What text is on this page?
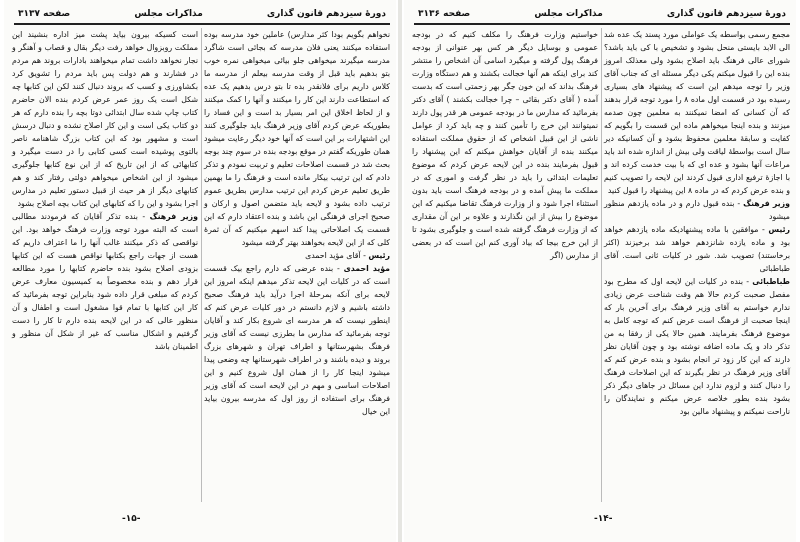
دورهٔ سیزدهم قانون گذاری
مذاکرات مجلس
صفحه ۳۱۳۷

نخواهم بگویم بودا کثر مدارس) عاملین خود مدرسه بوده استفاده میکنند یعنی فلان مدرسه که بجائی است شاگرد مدرسه میگیرند میخواهی جلو بیائی میخواهی نمره خوب بتو بدهیم باید قبل از وقت مدرسه بیعلم از مدرسه ما کلاس داریم برای فلانقدر بده تا بتو درس بدهیم یک عده که استطاعت دارند این کار را میکنند و آنها را کمک میکنند و از لحاظ اخلاق این امر بسیار بد است و این فساد را بطوریکه عرض کردم آقای وزیر فرهنگ باید جلوگیری کنند این اشتهارات بر این است که آنها خود دیگر رعایت میشود همان طوریکه گفتم در موقع بودجه بنده در سوم چند بوجه بحث شد در قسمت اصلاحات تعلیم و تربیت نمودم و تذکر دادم که این ترتیب بیکار مانده است و فرهنگ را ما بهمین طریق تعلیم عرض کردم این ترتیب مدارس بطریق عموم ترتیب داده بشود و لایحه باید متضمن اصول و ارکان و صحیح اجرای فرهنگی این باشد و بنده اعتقاد دارم که این قسمت یک اصلاحاتی پیدا کند اسهم میکنیم که آن ثمرهٔ کلی که از این لایحه بخواهند بهتر گرفته میشود

رئیس - آقای مؤید احمدی

مؤید احمدی - بنده عرضی که دارم راجع بیک قسمت است که در کلیات این لایحه تذکر میدهم اینکه امروز این لایحه برای آنکه بمرحلهٔ اجرا درآید باید فرهنگ صحیح داشته باشیم و لازم دانستم در دور کلیات عرض کنم که اینطور نیست که هر مدرسه ای شروع بکار کند و آقایان توجه بفرمائید که مدارس ما بطرزی نیست که آقای وزیر فرهنگ بشهرستانها و اطراف تهران و شهرهای بزرگ بروند و دیده باشند و در اطراف شهرستانها چه وضعی پیدا میشود اینجا کار را از همان اول شروع کنیم و این اصلاحات اساسی و مهم در این لایحه است که آقای وزیر فرهنگ برای استفاده از روز اول که مدرسه بیرون بیاید این خیال

است کسیکه بیرون بیاید پشت میز اداره بنشیند این مملکت روبزوال خواهد رفت دیگر بقال و قصاب و آهنگر و نجار نخواهد داشت تمام میخواهند بادارات بروند هم مردم در فشارند و هم دولت پس باید مردم را تشویق کرد بکشاورزی و کسب که بروند دنبال کنند لکن این کتابها چه شکل است یک روز عمر عرض کردم بنده الان حاضرم کتاب چاپ شده سال ابتدائی دوتا بچه را بنده دارم که هر دو کتاب یکی است و این کار اصلاح نشده و دنبال درسش است و مشهور بود که این کتاب بزرگ شاهنامه ناصر بالتوی پوشیده است کسی کتابی را در دست میگیرد و کتابهائی که از این تاریخ که از این نوع کتابها جلوگیری میشود از این اشخاص میخواهم دولتی رفتار کند و هم کتابهای دیگر از هر حیث از قبیل دستور تعلیم در مدارس اجرا بشود و این را که کتابهای این کتاب بچه اصلاح بشود

وزیر فرهنگ - بنده تذکر آقایان که فرمودند مطالبی است که البته مورد توجه وزارت فرهنگ خواهد بود. این نواقصی که ذکر میکنند غالب آنها را ما اعتراف داریم که هست از جهات راجع بکتابها نواقص هست که این کتابها بزودی اصلاح بشود بنده حاضرم کتابها را مورد مطالعه قرار دهم و بنده مخصوصاً به کمیسیون معارف عرض کردم که مبلغی قرار داده شود بنابراین توجه بفرمائید که کار این کتابها با تمام قوا مشغول است و اطفال و آن منظور عالی که در این لایحه بنده دارم تا کار را دست گرفتیم و اشکال مناسب که غیر از شکل آن منظور و اطمینان باشد

-۱۵-
دورهٔ سیزدهم قانون گذاری
مذاکرات مجلس
صفحه ۳۱۳۶

مجمع رسمی بواسطه یک عواملی مورد پسند یک عده شد الی الابد بایستی منحل بشود و تشخیص با کی باید باشد؟ شورای عالی فرهنگ باید اصلاح بشود ولی معذلک امروز بنده این را قبول میکنم یکی دیگر مسئله ای که جناب آقای وزیر را توجه میدهم این است که پیشنهاد های بسیاری رسیده بود در قسمت اول ماده ۸ را مورد توجه قرار بدهند که آن کسانی که امضا نمیکنند به معلمین چون صدمه میزنند و بنده اینجا میخواهم ماده این قسمت را بگویم که کفایت و سابقهٔ معلمین محفوظ بشود و آن کسانیکه دیر سال است بواسطهٔ لیاقت ولی بیش از اندازه شده اند باید مراعات آنها بشود و عده ای که با بیت خدمت کرده اند و با اجازهٔ ترفیع اداری قبول کردند این لایحه را تصویب کنیم و بنده عرض کردم که در ماده ۸ این پیشنهاد را قبول کنید

وزیر فرهنگ - بنده قبول دارم و در ماده یازدهم منظور میشود

رئیس - موافقین با ماده پیشنهادیکه ماده یازدهم خواهد بود و ماده یازده شانزدهم خواهد شد برخیزند (اکثر برخاستند) تصویب شد. شور در کلیات ثانی است. آقای طباطبائی

طباطبائی - بنده در کلیات این لایحه اول که مطرح بود مفصل صحبت کردم حالا هم وقت شناخت عرض زیادی ندارم خواستم به آقای وزیر فرهنگ برای آخرین بار که اینجا صحبت از فرهنگ است عرض کنم که توجه کامل به موضوع فرهنگ بفرمایند. همین حالا یکی از رفقا به من تذکر داد و یک ماده اضافه نوشته بود و چون آقایان نظر دارند که این کار زود تر انجام بشود و بنده عرض کنم که آقای وزیر فرهنگ در نظر بگیرند که این اصلاحات فرهنگ را دنبال کنند و لزوم ندارد این مسائل در جاهای دیگر ذکر بشود بنده بطور خلاصه عرض میکنم و نمایندگان را ناراحت نمیکنم و پیشنهاد مالین بود

خواستیم وزارت فرهنگ را مکلف کنیم که در بودجه عمومی و بوسایل دیگر هر کس بهر عنوانی از بودجه فرهنگ پول گرفته و میگیرد اسامی آن اشخاص را منتشر کند برای اینکه هم آنها خجالت بکشند و هم دستگاه وزارت فرهنگ بداند که این خون جگر بهر زحمتی است که بدست آمده ( آقای دکتر بقائی – چرا خجالت بکشند ) آقای دکتر بفرمائید که مدارس ما در بودجه عمومی هر قدر پول دارند نمیتوانند این خرج را تأمین کنند و چه باید کرد از عوامل ناشی از این قبیل اشخاص که از حقوق مملکت استفاده میکنند بنده از آقایان خواهش میکنم که این پیشنهاد را قبول بفرمایند بنده در این لایحه عرض کردم که موضوع تعلیمات ابتدائی را باید در نظر گرفت و اموری که در مملکت ما پیش آمده و در بودجه فرهنگ است باید بدون استثناء اجرا شود و از وزارت فرهنگ تقاضا میکنیم که این موضوع را بیش از این نگذارند و علاوه بر این آن مقداری که از وزارت فرهنگ گرفته شده است و جلوگیری بشود تا از این خرج بیجا که بیاد آوری کنم این است که در بعضی از مدارس (اگر

-۱۴-
